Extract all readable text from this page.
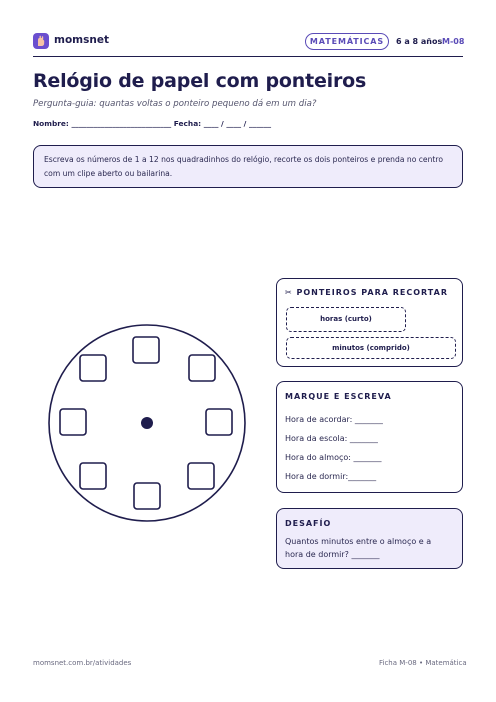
momsnet	MATEMÁTICAS	6 a 8 años M-08
Relógio de papel com ponteiros
Pergunta-guia: quantas voltas o ponteiro pequeno dá em um dia?
Nombre: ___________________________ Fecha: ____ / ____ / ______
Escreva os números de 1 a 12 nos quadradinhos do relógio, recorte os dois ponteiros e prenda no centro com um clipe aberto ou bailarina.
✂ PONTEIROS PARA RECORTAR
horas (curto)
minutos (comprido)
MARQUE E ESCREVA
Hora de acordar: _______
Hora da escola: _______
Hora do almoço: _______
Hora de dormir:_______
DESAFÍO
Quantos minutos entre o almoço e a
hora de dormir? _______
momsnet.com.br/atividades	Ficha M-08 • Matemática
